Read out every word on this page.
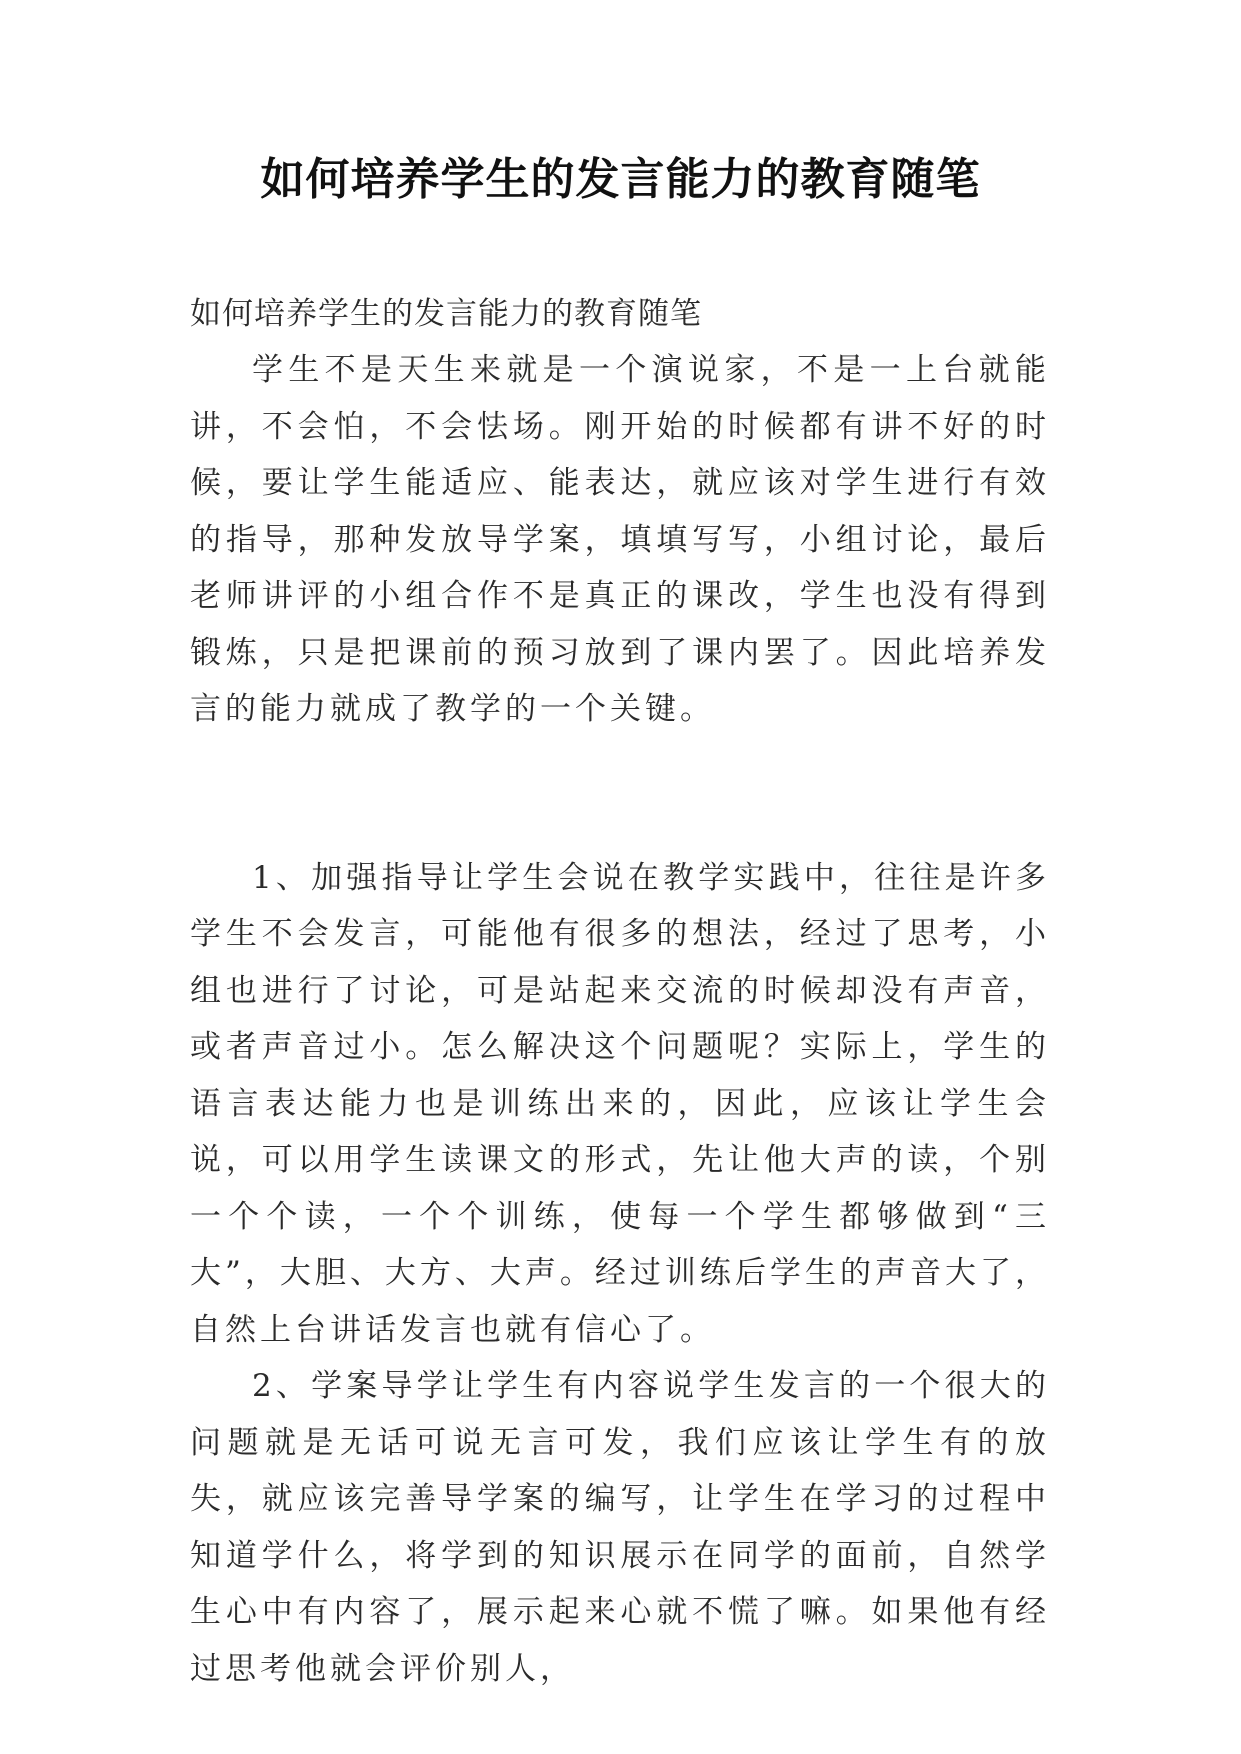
如何培养学生的发言能力的教育随笔

如何培养学生的发言能力的教育随笔

学生不是天生来就是一个演说家，不是一上台就能讲，不会怕，不会怯场。刚开始的时候都有讲不好的时候，要让学生能适应、能表达，就应该对学生进行有效的指导，那种发放导学案，填填写写，小组讨论，最后老师讲评的小组合作不是真正的课改，学生也没有得到锻炼，只是把课前的预习放到了课内罢了。因此培养发言的能力就成了教学的一个关键。

1、加强指导让学生会说在教学实践中，往往是许多学生不会发言，可能他有很多的想法，经过了思考，小组也进行了讨论，可是站起来交流的时候却没有声音，或者声音过小。怎么解决这个问题呢？实际上，学生的语言表达能力也是训练出来的，因此，应该让学生会说，可以用学生读课文的形式，先让他大声的读，个别一个个读，一个个训练，使每一个学生都够做到“三大”，大胆、大方、大声。经过训练后学生的声音大了，自然上台讲话发言也就有信心了。

2、学案导学让学生有内容说学生发言的一个很大的问题就是无话可说无言可发，我们应该让学生有的放失，就应该完善导学案的编写，让学生在学习的过程中知道学什么，将学到的知识展示在同学的面前，自然学生心中有内容了，展示起来心就不慌了嘛。如果他有经过思考他就会评价别人，
